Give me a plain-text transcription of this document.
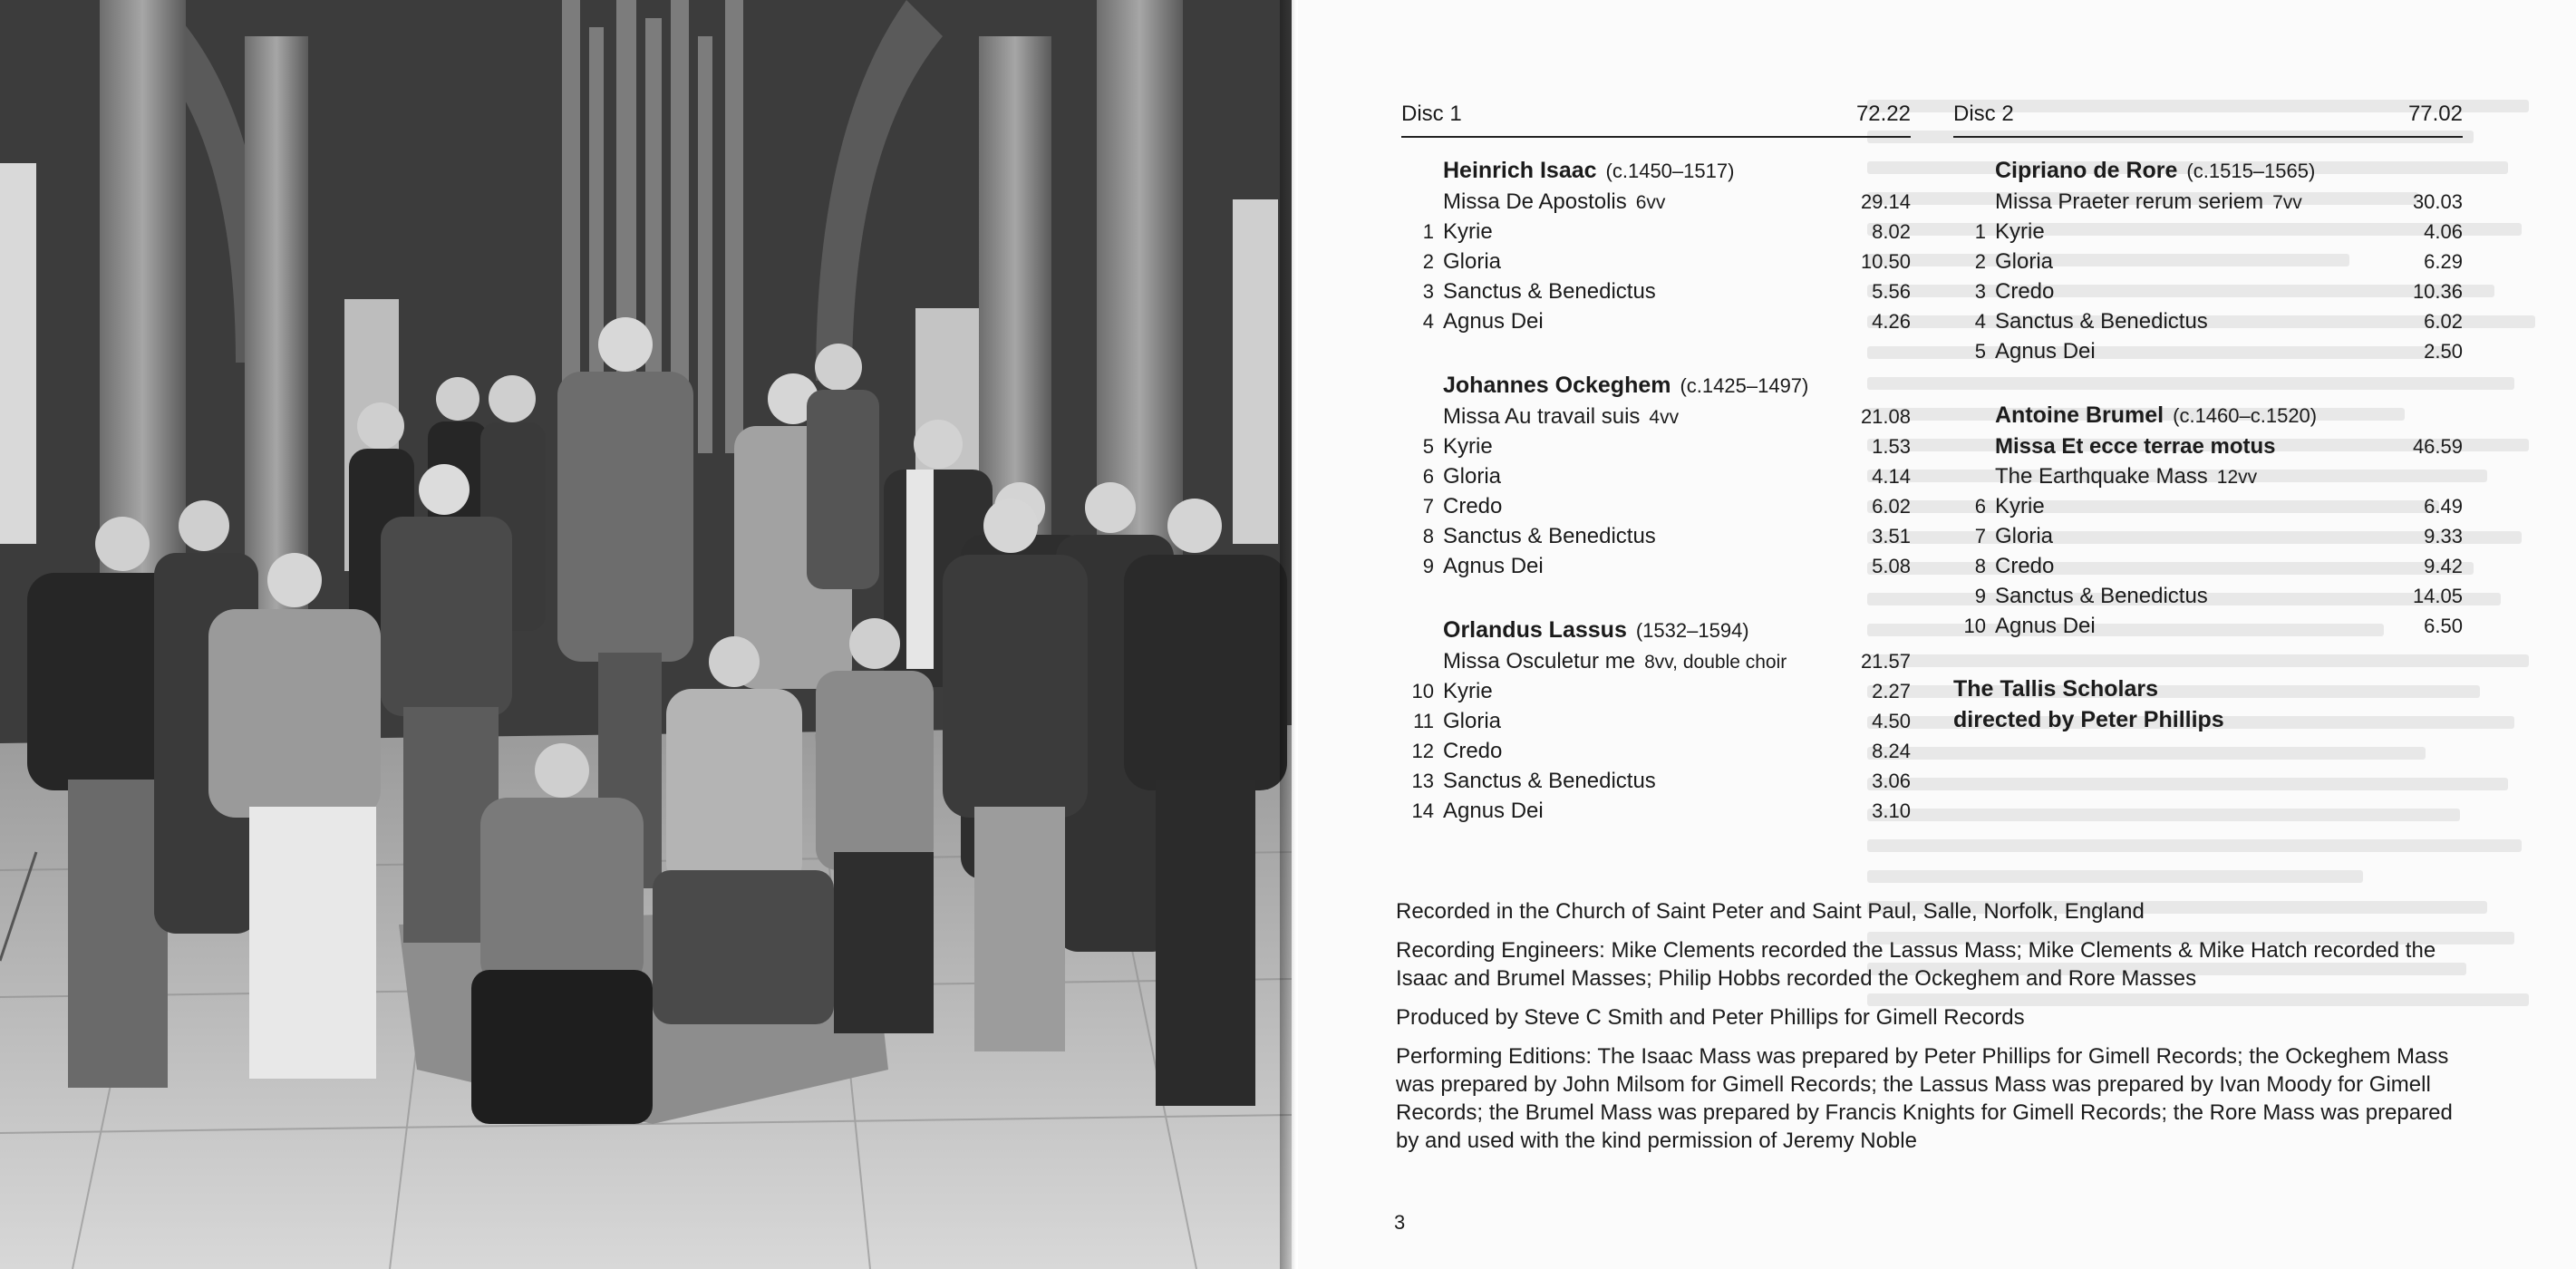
Disc 1	72.22
Heinrich Isaac (c.1450–1517)
Missa De Apostolis 6vv	29.14
1 Kyrie	8.02
2 Gloria	10.50
3 Sanctus & Benedictus	5.56
4 Agnus Dei	4.26
Johannes Ockeghem (c.1425–1497)
Missa Au travail suis 4vv	21.08
5 Kyrie	1.53
6 Gloria	4.14
7 Credo	6.02
8 Sanctus & Benedictus	3.51
9 Agnus Dei	5.08
Orlandus Lassus (1532–1594)
Missa Osculetur me 8vv, double choir	21.57
10 Kyrie	2.27
11 Gloria	4.50
12 Credo	8.24
13 Sanctus & Benedictus	3.06
14 Agnus Dei	3.10
Disc 2	77.02
Cipriano de Rore (c.1515–1565)
Missa Praeter rerum seriem 7vv	30.03
1 Kyrie	4.06
2 Gloria	6.29
3 Credo	10.36
4 Sanctus & Benedictus	6.02
5 Agnus Dei	2.50
Antoine Brumel (c.1460–c.1520)
Missa Et ecce terrae motus	46.59
The Earthquake Mass 12vv
6 Kyrie	6.49
7 Gloria	9.33
8 Credo	9.42
9 Sanctus & Benedictus	14.05
10 Agnus Dei	6.50
The Tallis Scholars
directed by Peter Phillips

Recorded in the Church of Saint Peter and Saint Paul, Salle, Norfolk, England

Recording Engineers: Mike Clements recorded the Lassus Mass; Mike Clements & Mike Hatch recorded the Isaac and Brumel Masses; Philip Hobbs recorded the Ockeghem and Rore Masses

Produced by Steve C Smith and Peter Phillips for Gimell Records

Performing Editions: The Isaac Mass was prepared by Peter Phillips for Gimell Records; the Ockeghem Mass was prepared by John Milsom for Gimell Records; the Lassus Mass was prepared by Ivan Moody for Gimell Records; the Brumel Mass was prepared by Francis Knights for Gimell Records; the Rore Mass was prepared by and used with the kind permission of Jeremy Noble

3
